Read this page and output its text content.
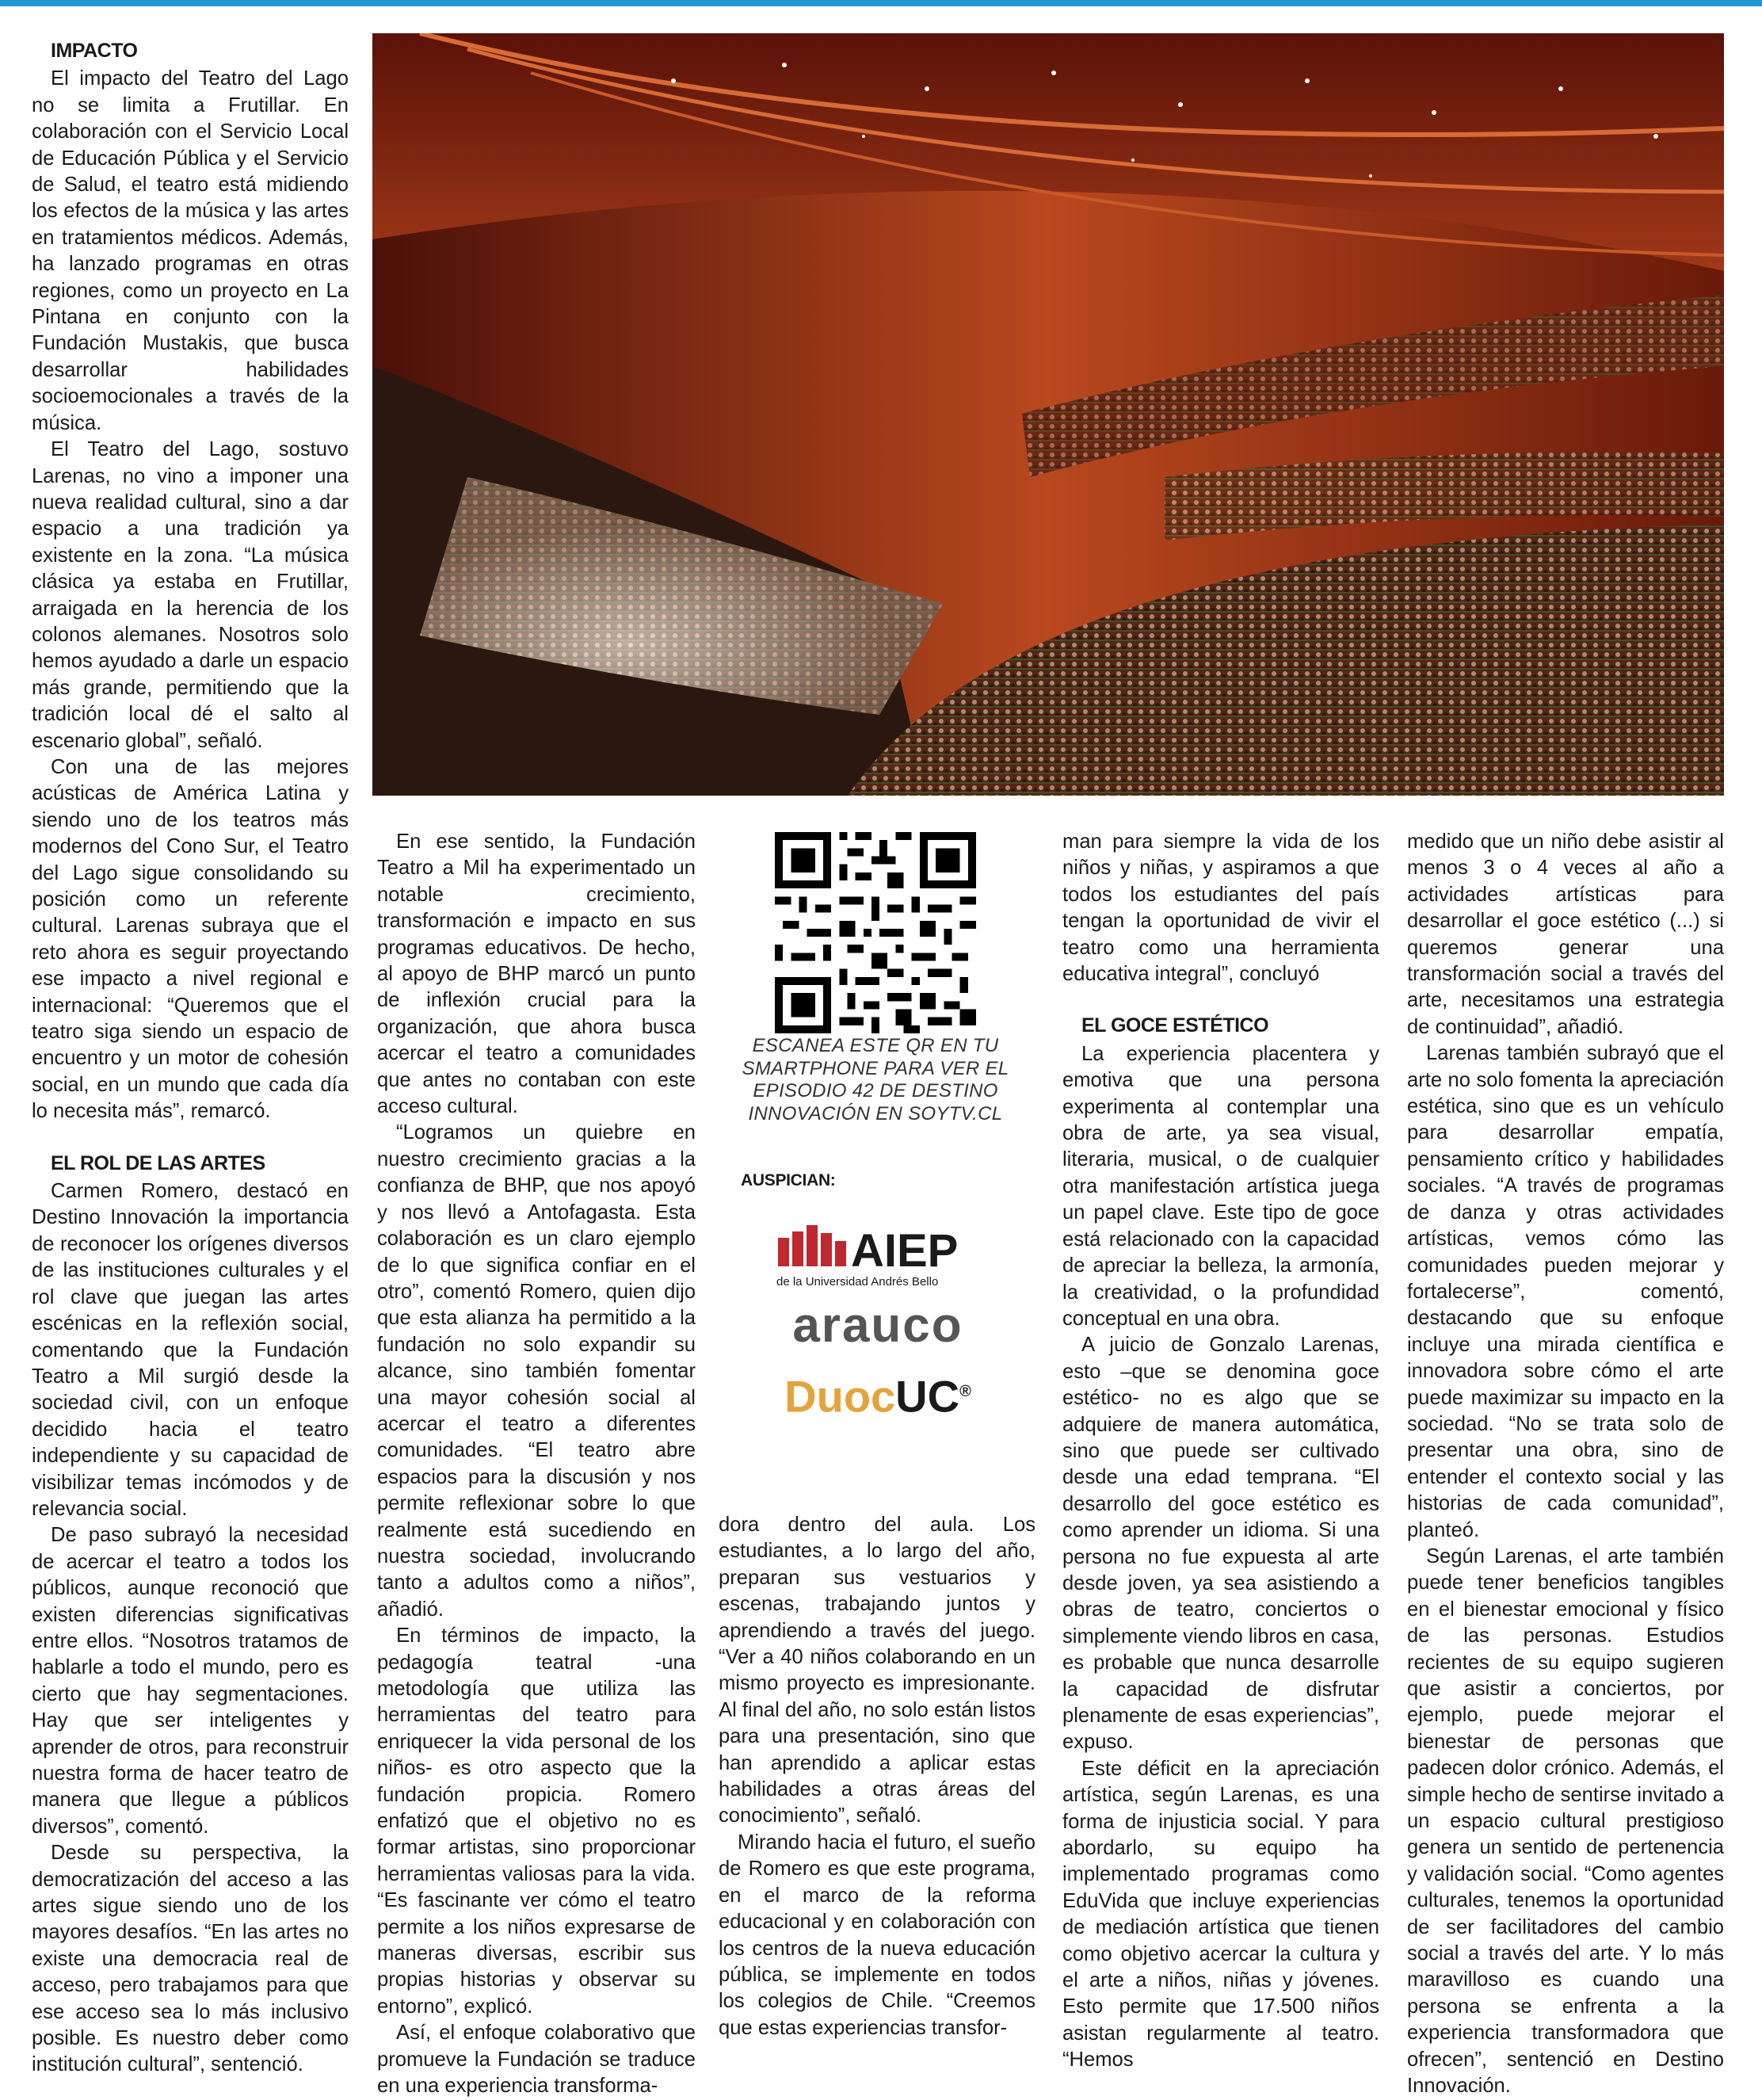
IMPACTO

El impacto del Teatro del Lago no se limita a Frutillar. En colaboración con el Servicio Local de Educación Pública y el Servicio de Salud, el teatro está midiendo los efectos de la música y las artes en tratamientos médicos. Además, ha lanzado programas en otras regiones, como un proyecto en La Pintana en conjunto con la Fundación Mustakis, que busca desarrollar habilidades socioemocionales a través de la música.

El Teatro del Lago, sostuvo Larenas, no vino a imponer una nueva realidad cultural, sino a dar espacio a una tradición ya existente en la zona. “La música clásica ya estaba en Frutillar, arraigada en la herencia de los colonos alemanes. Nosotros solo hemos ayudado a darle un espacio más grande, permitiendo que la tradición local dé el salto al escenario global”, señaló.

Con una de las mejores acústicas de América Latina y siendo uno de los teatros más modernos del Cono Sur, el Teatro del Lago sigue consolidando su posición como un referente cultural. Larenas subraya que el reto ahora es seguir proyectando ese impacto a nivel regional e internacional: “Queremos que el teatro siga siendo un espacio de encuentro y un motor de cohesión social, en un mundo que cada día lo necesita más”, remarcó.

EL ROL DE LAS ARTES

Carmen Romero, destacó en Destino Innovación la importancia de reconocer los orígenes diversos de las instituciones culturales y el rol clave que juegan las artes escénicas en la reflexión social, comentando que la Fundación Teatro a Mil surgió desde la sociedad civil, con un enfoque decidido hacia el teatro independiente y su capacidad de visibilizar temas incómodos y de relevancia social.

De paso subrayó la necesidad de acercar el teatro a todos los públicos, aunque reconoció que existen diferencias significativas entre ellos. “Nosotros tratamos de hablarle a todo el mundo, pero es cierto que hay segmentaciones. Hay que ser inteligentes y aprender de otros, para reconstruir nuestra forma de hacer teatro de manera que llegue a públicos diversos”, comentó.

Desde su perspectiva, la democratización del acceso a las artes sigue siendo uno de los mayores desafíos. “En las artes no existe una democracia real de acceso, pero trabajamos para que ese acceso sea lo más inclusivo posible. Es nuestro deber como institución cultural”, sentenció.

En ese sentido, la Fundación Teatro a Mil ha experimentado un notable crecimiento, transformación e impacto en sus programas educativos. De hecho, al apoyo de BHP marcó un punto de inflexión crucial para la organización, que ahora busca acercar el teatro a comunidades que antes no contaban con este acceso cultural.

“Logramos un quiebre en nuestro crecimiento gracias a la confianza de BHP, que nos apoyó y nos llevó a Antofagasta. Esta colaboración es un claro ejemplo de lo que significa confiar en el otro”, comentó Romero, quien dijo que esta alianza ha permitido a la fundación no solo expandir su alcance, sino también fomentar una mayor cohesión social al acercar el teatro a diferentes comunidades. “El teatro abre espacios para la discusión y nos permite reflexionar sobre lo que realmente está sucediendo en nuestra sociedad, involucrando tanto a adultos como a niños”, añadió.

En términos de impacto, la pedagogía teatral -una metodología que utiliza las herramientas del teatro para enriquecer la vida personal de los niños- es otro aspecto que la fundación propicia. Romero enfatizó que el objetivo no es formar artistas, sino proporcionar herramientas valiosas para la vida. “Es fascinante ver cómo el teatro permite a los niños expresarse de maneras diversas, escribir sus propias historias y observar su entorno”, explicó.

Así, el enfoque colaborativo que promueve la Fundación se traduce en una experiencia transforma-

ESCANEA ESTE QR EN TU SMARTPHONE PARA VER EL EPISODIO 42 DE DESTINO INNOVACIÓN EN SOYTV.CL
AUSPICIAN:
AIEP
de la Universidad Andrés Bello
arauco
DuocUC®

dora dentro del aula. Los estudiantes, a lo largo del año, preparan sus vestuarios y escenas, trabajando juntos y aprendiendo a través del juego. “Ver a 40 niños colaborando en un mismo proyecto es impresionante. Al final del año, no solo están listos para una presentación, sino que han aprendido a aplicar estas habilidades a otras áreas del conocimiento”, señaló.

Mirando hacia el futuro, el sueño de Romero es que este programa, en el marco de la reforma educacional y en colaboración con los centros de la nueva educación pública, se implemente en todos los colegios de Chile. “Creemos que estas experiencias transfor-

man para siempre la vida de los niños y niñas, y aspiramos a que todos los estudiantes del país tengan la oportunidad de vivir el teatro como una herramienta educativa integral”, concluyó

EL GOCE ESTÉTICO

La experiencia placentera y emotiva que una persona experimenta al contemplar una obra de arte, ya sea visual, literaria, musical, o de cualquier otra manifestación artística juega un papel clave. Este tipo de goce está relacionado con la capacidad de apreciar la belleza, la armonía, la creatividad, o la profundidad conceptual en una obra.

A juicio de Gonzalo Larenas, esto –que se denomina goce estético- no es algo que se adquiere de manera automática, sino que puede ser cultivado desde una edad temprana. “El desarrollo del goce estético es como aprender un idioma. Si una persona no fue expuesta al arte desde joven, ya sea asistiendo a obras de teatro, conciertos o simplemente viendo libros en casa, es probable que nunca desarrolle la capacidad de disfrutar plenamente de esas experiencias”, expuso.

Este déficit en la apreciación artística, según Larenas, es una forma de injusticia social. Y para abordarlo, su equipo ha implementado programas como EduVida que incluye experiencias de mediación artística que tienen como objetivo acercar la cultura y el arte a niños, niñas y jóvenes. Esto permite que 17.500 niños asistan regularmente al teatro. “Hemos

medido que un niño debe asistir al menos 3 o 4 veces al año a actividades artísticas para desarrollar el goce estético (...) si queremos generar una transformación social a través del arte, necesitamos una estrategia de continuidad”, añadió.

Larenas también subrayó que el arte no solo fomenta la apreciación estética, sino que es un vehículo para desarrollar empatía, pensamiento crítico y habilidades sociales. “A través de programas de danza y otras actividades artísticas, vemos cómo las comunidades pueden mejorar y fortalecerse”, comentó, destacando que su enfoque incluye una mirada científica e innovadora sobre cómo el arte puede maximizar su impacto en la sociedad. “No se trata solo de presentar una obra, sino de entender el contexto social y las historias de cada comunidad”, planteó.

Según Larenas, el arte también puede tener beneficios tangibles en el bienestar emocional y físico de las personas. Estudios recientes de su equipo sugieren que asistir a conciertos, por ejemplo, puede mejorar el bienestar de personas que padecen dolor crónico. Además, el simple hecho de sentirse invitado a un espacio cultural prestigioso genera un sentido de pertenencia y validación social. “Como agentes culturales, tenemos la oportunidad de ser facilitadores del cambio social a través del arte. Y lo más maravilloso es cuando una persona se enfrenta a la experiencia transformadora que ofrecen”, sentenció en Destino Innovación.
